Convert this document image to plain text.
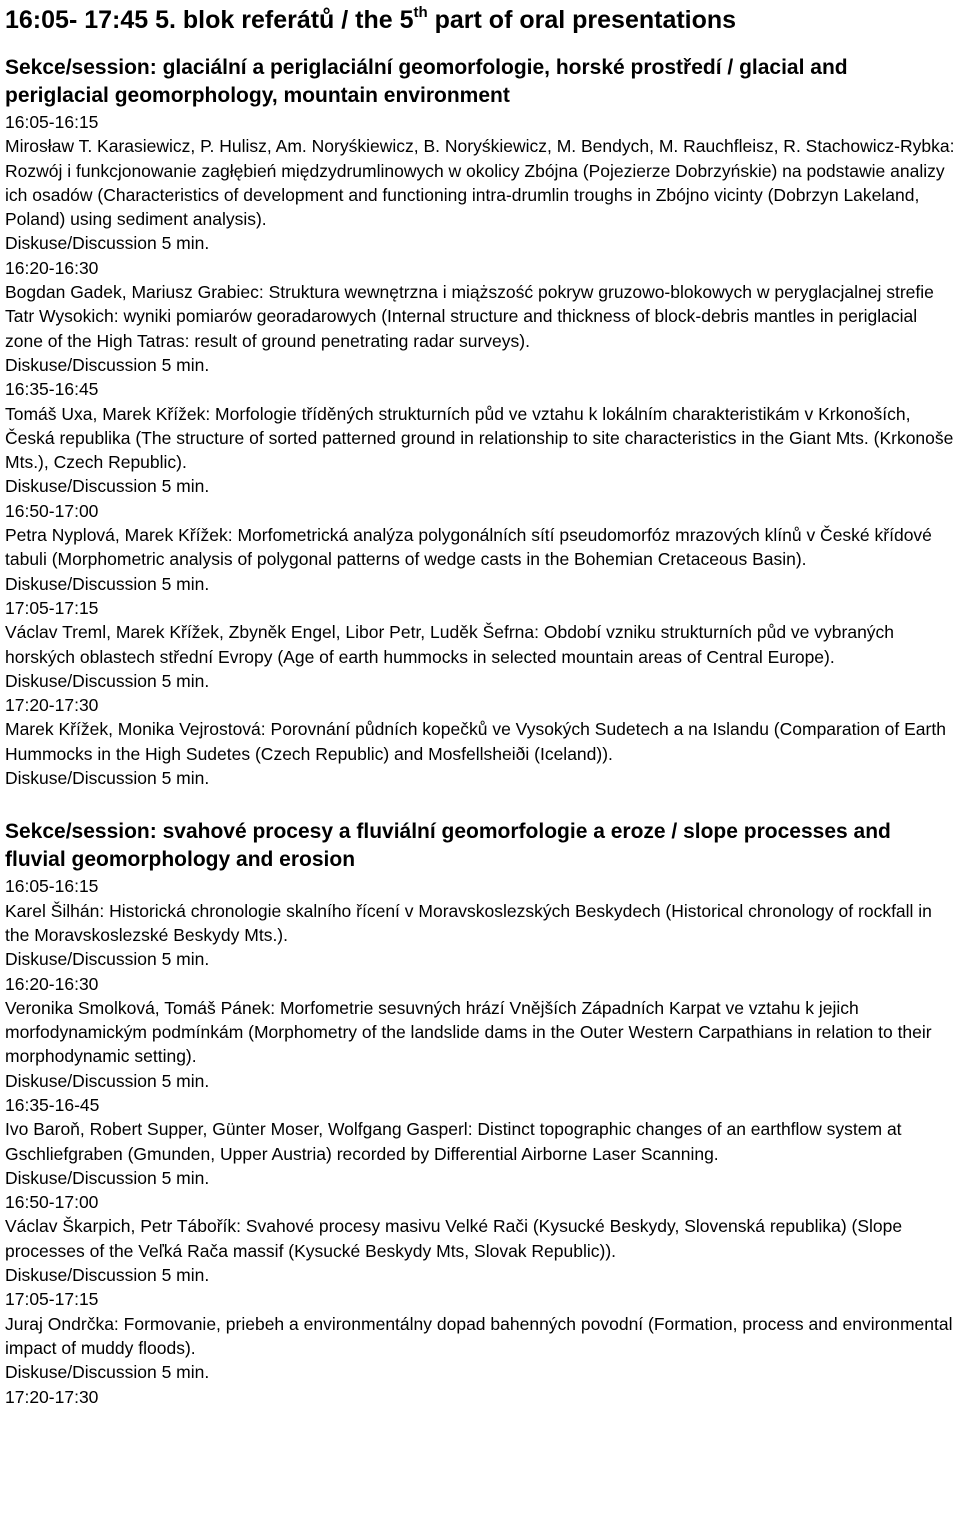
16:05- 17:45 5. blok referátů / the 5th part of oral presentations
Sekce/session: glaciální a periglaciální geomorfologie, horské prostředí / glacial and periglacial geomorphology, mountain environment

16:05-16:15

Mirosław T. Karasiewicz, P. Hulisz, Am. Noryśkiewicz, B. Noryśkiewicz, M. Bendych, M. Rauchfleisz, R. Stachowicz-Rybka: Rozwój i funkcjonowanie zagłębień międzydrumlinowych w okolicy Zbójna (Pojezierze Dobrzyńskie) na podstawie analizy ich osadów (Characteristics of development and functioning intra-drumlin troughs in Zbójno vicinty (Dobrzyn Lakeland, Poland) using sediment analysis).

Diskuse/Discussion 5 min.

16:20-16:30

Bogdan Gadek, Mariusz Grabiec: Struktura wewnętrzna i miąższość pokryw gruzowo-blokowych w peryglacjalnej strefie Tatr Wysokich: wyniki pomiarów georadarowych (Internal structure and thickness of block-debris mantles in periglacial zone of the High Tatras: result of ground penetrating radar surveys).

Diskuse/Discussion 5 min.

16:35-16:45

Tomáš Uxa, Marek Křížek: Morfologie tříděných strukturních půd ve vztahu k lokálním charakteristikám v Krkonoších, Česká republika (The structure of sorted patterned ground in relationship to site characteristics in the Giant Mts. (Krkonoše Mts.), Czech Republic).

Diskuse/Discussion 5 min.

16:50-17:00

Petra Nyplová, Marek Křížek: Morfometrická analýza polygonálních sítí pseudomorfóz mrazových klínů v České křídové tabuli (Morphometric analysis of polygonal patterns of wedge casts in the Bohemian Cretaceous Basin).

Diskuse/Discussion 5 min.

17:05-17:15

Václav Treml, Marek Křížek, Zbyněk Engel, Libor Petr, Luděk Šefrna: Období vzniku strukturních půd ve vybraných horských oblastech střední Evropy (Age of earth hummocks in selected mountain areas of Central Europe).

Diskuse/Discussion 5 min.

17:20-17:30

Marek Křížek, Monika Vejrostová: Porovnání půdních kopečků ve Vysokých Sudetech a na Islandu (Comparation of Earth Hummocks in the High Sudetes (Czech Republic) and Mosfellsheiði (Iceland)).

Diskuse/Discussion 5 min.

Sekce/session: svahové procesy a fluviální geomorfologie a eroze / slope processes and fluvial geomorphology and erosion

16:05-16:15

Karel Šilhán: Historická chronologie skalního řícení v Moravskoslezských Beskydech (Historical chronology of rockfall in the Moravskoslezské Beskydy Mts.).

Diskuse/Discussion 5 min.

16:20-16:30

Veronika Smolková, Tomáš Pánek: Morfometrie sesuvných hrází Vnějších Západních Karpat ve vztahu k jejich morfodynamickým podmínkám (Morphometry of the landslide dams in the Outer Western Carpathians in relation to their morphodynamic setting).

Diskuse/Discussion 5 min.

16:35-16-45

Ivo Baroň, Robert Supper, Günter Moser, Wolfgang Gasperl: Distinct topographic changes of an earthflow system at Gschliefgraben (Gmunden, Upper Austria) recorded by Differential Airborne Laser Scanning.

Diskuse/Discussion 5 min.

16:50-17:00

Václav Škarpich, Petr Tábořík: Svahové procesy masivu Velké Rači (Kysucké Beskydy, Slovenská republika) (Slope processes of the Veľká Rača massif (Kysucké Beskydy Mts, Slovak Republic)).

Diskuse/Discussion 5 min.

17:05-17:15

Juraj Ondrčka: Formovanie, priebeh a environmentálny dopad bahenných povodní (Formation, process and environmental impact of muddy floods).

Diskuse/Discussion 5 min.

17:20-17:30
